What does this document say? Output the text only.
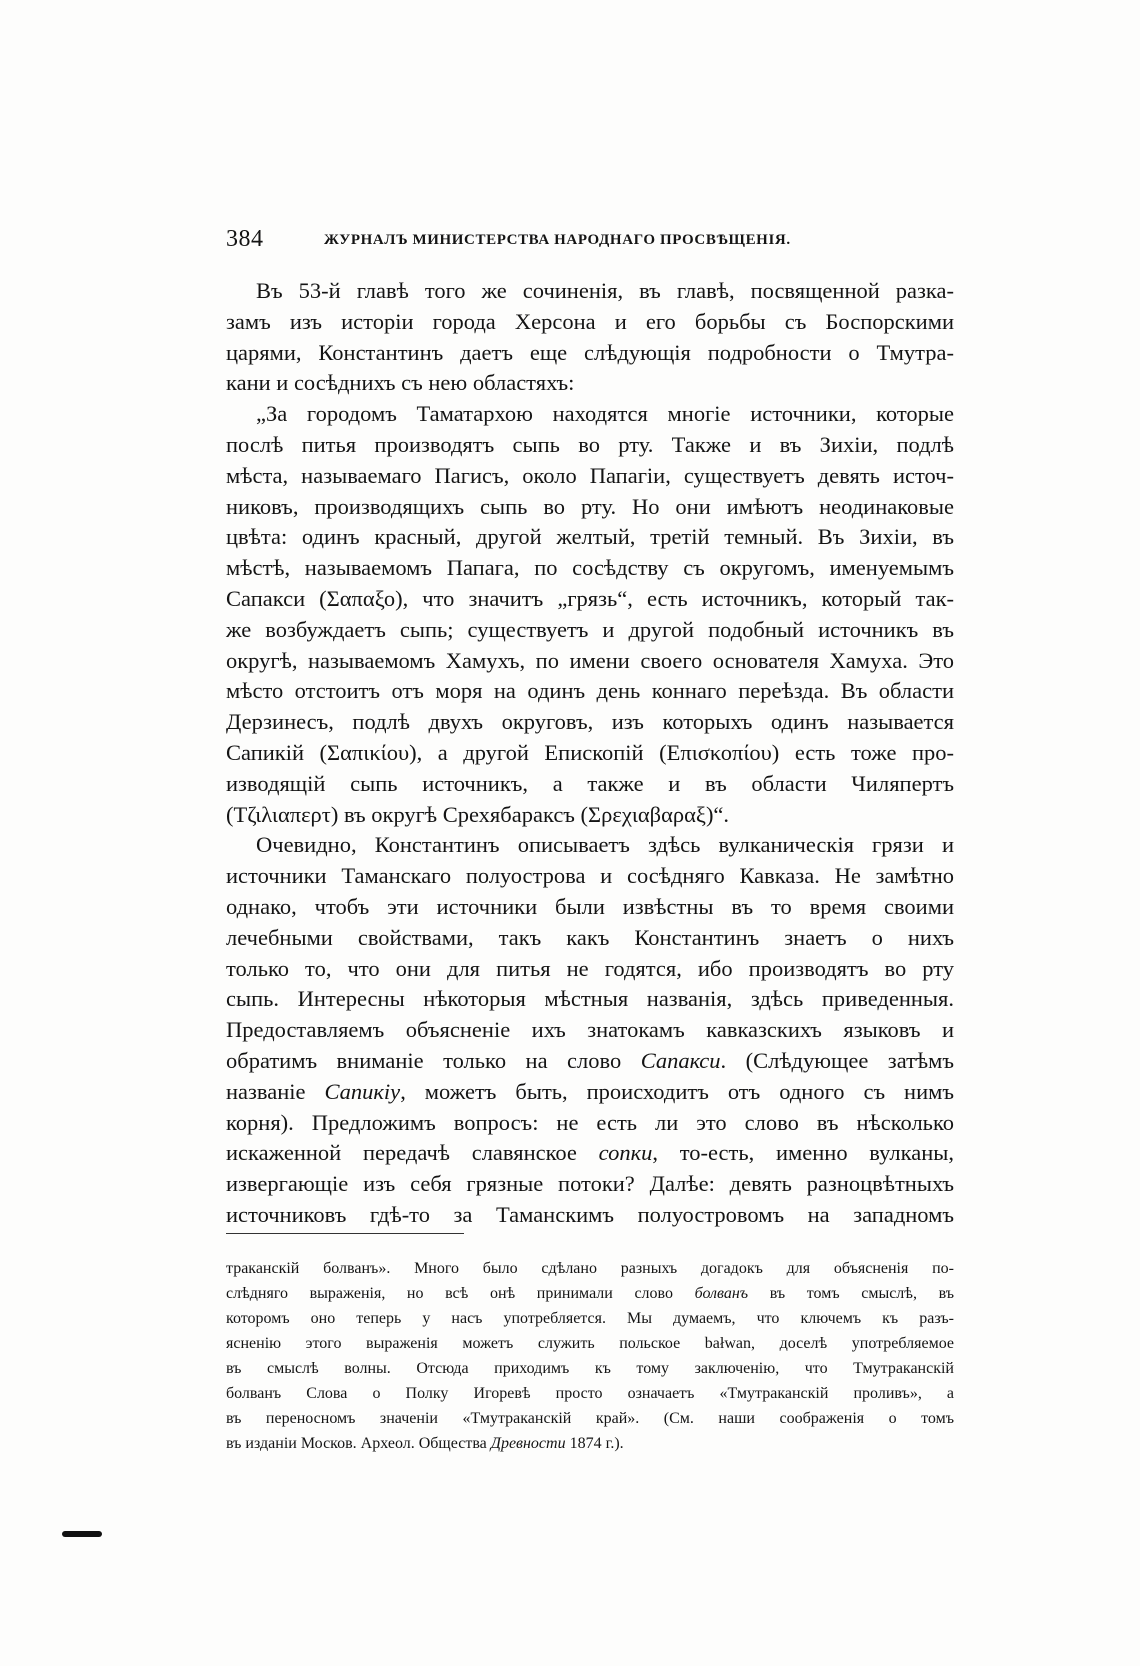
384	ЖУРНАЛЪ МИНИСТЕРСТВА НАРОДНАГО ПРОСВѢЩЕНІЯ.
Въ 53-й главѣ того же сочиненія, въ главѣ, посвященной разка-
замъ изъ исторіи города Херсона и его борьбы съ Боспорскими
царями, Константинъ даетъ еще слѣдующія подробности о Тмутра-
кани и сосѣднихъ съ нею областяхъ:
„За городомъ Таматархою находятся многіе источники, которые
послѣ питья производятъ сыпь во рту. Также и въ Зихіи, подлѣ
мѣста, называемаго Пагисъ, около Папагіи, существуетъ девять источ-
никовъ, производящихъ сыпь во рту. Но они имѣютъ неодинаковые
цвѣта: одинъ красный, другой желтый, третій темный. Въ Зихіи, въ
мѣстѣ, называемомъ Папага, по сосѣдству съ округомъ, именуемымъ
Сапакси (Σαπαξο), что значитъ „грязь“, есть источникъ, который так-
же возбуждаетъ сыпь; существуетъ и другой подобный источникъ въ
округѣ, называемомъ Хамухъ, по имени своего основателя Хамуха. Это
мѣсто отстоитъ отъ моря на одинъ день коннаго переѣзда. Въ области
Дерзинесъ, подлѣ двухъ округовъ, изъ которыхъ одинъ называется
Сапикій (Σαπικίου), а другой Епископій (Επισκοπίου) есть тоже про-
изводящій сыпь источникъ, а также и въ области Чиляпертъ
(Τζιλιαπερτ) въ округѣ Срехябараксъ (Σρεχιαβαραξ)“.
Очевидно, Константинъ описываетъ здѣсь вулканическія грязи и
источники Таманскаго полуострова и сосѣдняго Кавказа. Не замѣтно
однако, чтобъ эти источники были извѣстны въ то время своими
лечебными свойствами, такъ какъ Константинъ знаетъ о нихъ
только то, что они для питья не годятся, ибо производятъ во рту
сыпь. Интересны нѣкоторыя мѣстныя названія, здѣсь приведенныя.
Предоставляемъ объясненіе ихъ знатокамъ кавказскихъ языковъ и
обратимъ вниманіе только на слово Сапакси. (Слѣдующее затѣмъ
названіе Сапикіу, можетъ быть, происходитъ отъ одного съ нимъ
корня). Предложимъ вопросъ: не есть ли это слово въ нѣсколько
искаженной передачѣ славянское сопки, то-есть, именно вулканы,
извергающіе изъ себя грязные потоки? Далѣе: девять разноцвѣтныхъ
источниковъ гдѣ-то за Таманскимъ полуостровомъ на западномъ
траканскій болванъ». Много было сдѣлано разныхъ догадокъ для объясненія по-
слѣдняго выраженія, но всѣ онѣ принимали слово болванъ въ томъ смыслѣ, въ
которомъ оно теперь у насъ употребляется. Мы думаемъ, что ключемъ къ разъ-
ясненію этого выраженія можетъ служить польское bałwan, доселѣ употребляемое
въ смыслѣ волны. Отсюда приходимъ къ тому заключенію, что Тмутраканскій
болванъ Слова о Полку Игоревѣ просто означаетъ «Тмутраканскій проливъ», а
въ переносномъ значеніи «Тмутраканскій край». (См. наши соображенія о томъ
въ изданіи Москов. Археол. Общества Древности 1874 г.).
